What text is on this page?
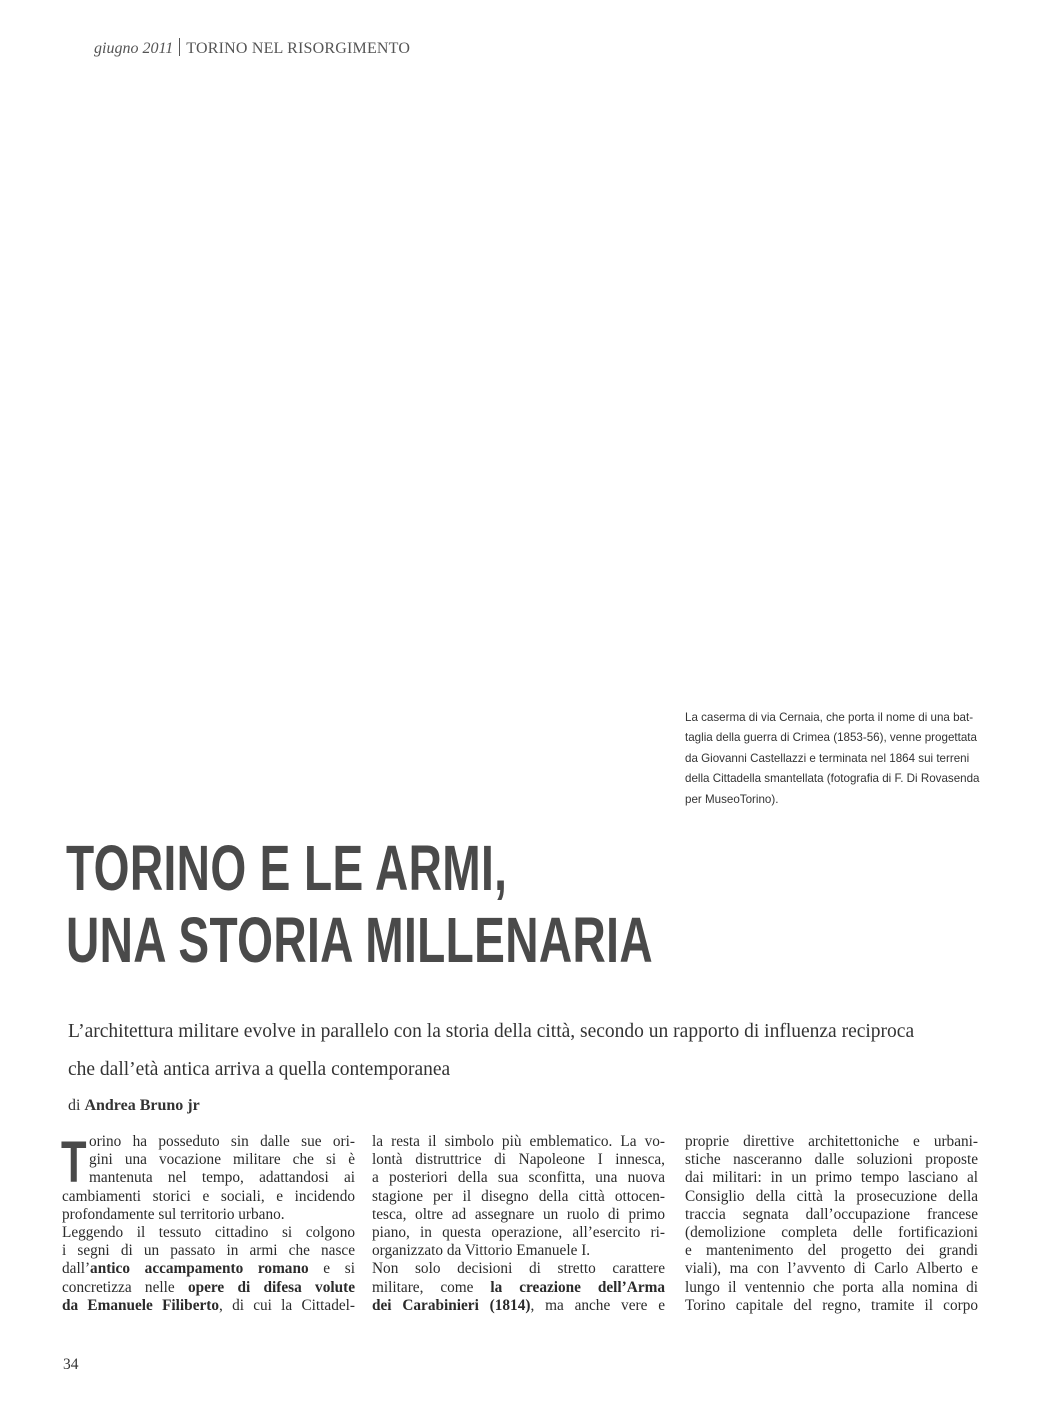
giugno 2011 TORINO NEL RISORGIMENTO
La caserma di via Cernaia, che porta il nome di una bat-
taglia della guerra di Crimea (1853-56), venne progettata
da Giovanni Castellazzi e terminata nel 1864 sui terreni
della Cittadella smantellata (fotografia di F. Di Rovasenda
per MuseoTorino).
TORINO E LE ARMI,
UNA STORIA MILLENARIA
L’architettura militare evolve in parallelo con la storia della città, secondo un rapporto di influenza reciproca
che dall’età antica arriva a quella contemporanea
di Andrea Bruno jr
T orino ha posseduto sin dalle sue ori-
gini una vocazione militare che si è
mantenuta nel tempo, adattandosi ai
cambiamenti storici e sociali, e incidendo
profondamente sul territorio urbano.
Leggendo il tessuto cittadino si colgono
i segni di un passato in armi che nasce
dall’antico accampamento romano e si
concretizza nelle opere di difesa volute
da Emanuele Filiberto, di cui la Cittadel-
la resta il simbolo più emblematico. La vo-
lontà distruttrice di Napoleone I innesca,
a posteriori della sua sconfitta, una nuova
stagione per il disegno della città ottocen-
tesca, oltre ad assegnare un ruolo di primo
piano, in questa operazione, all’esercito ri-
organizzato da Vittorio Emanuele I.
Non solo decisioni di stretto carattere
militare, come la creazione dell’Arma
dei Carabinieri (1814), ma anche vere e
proprie direttive architettoniche e urbani-
stiche nasceranno dalle soluzioni proposte
dai militari: in un primo tempo lasciano al
Consiglio della città la prosecuzione della
traccia segnata dall’occupazione francese
(demolizione completa delle fortificazioni
e mantenimento del progetto dei grandi
viali), ma con l’avvento di Carlo Alberto e
lungo il ventennio che porta alla nomina di
Torino capitale del regno, tramite il corpo
34
